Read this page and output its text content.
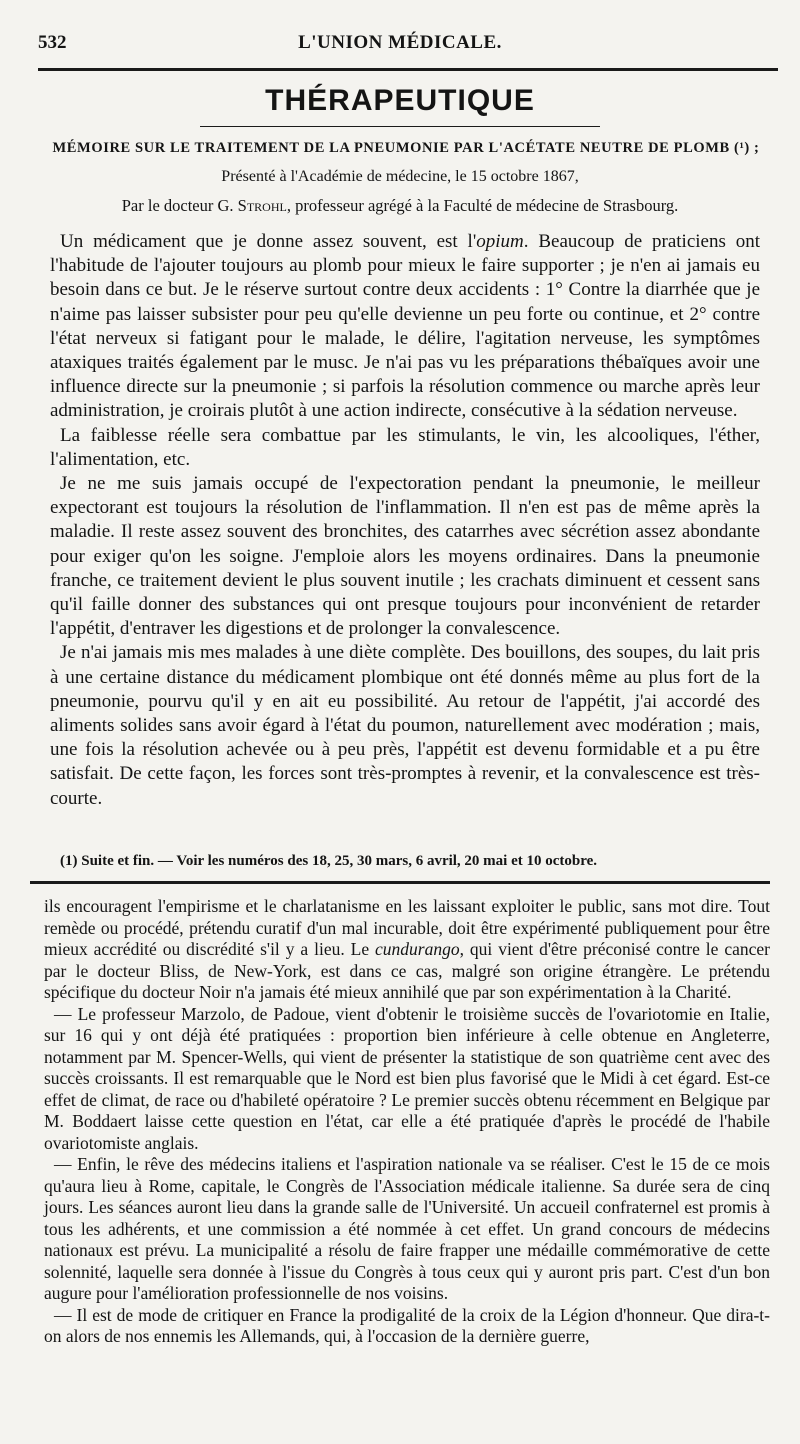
532	L'UNION MÉDICALE.
THÉRAPEUTIQUE
MÉMOIRE SUR LE TRAITEMENT DE LA PNEUMONIE PAR L'ACÉTATE NEUTRE DE PLOMB (¹) ;
Présenté à l'Académie de médecine, le 15 octobre 1867,
Par le docteur G. Strohl, professeur agrégé à la Faculté de médecine de Strasbourg.

Un médicament que je donne assez souvent, est l'opium. Beaucoup de praticiens ont l'habitude de l'ajouter toujours au plomb pour mieux le faire supporter ; je n'en ai jamais eu besoin dans ce but. Je le réserve surtout contre deux accidents : 1° Contre la diarrhée que je n'aime pas laisser subsister pour peu qu'elle devienne un peu forte ou continue, et 2° contre l'état nerveux si fatigant pour le malade, le délire, l'agitation nerveuse, les symptômes ataxiques traités également par le musc. Je n'ai pas vu les préparations thébaïques avoir une influence directe sur la pneumonie ; si parfois la résolution commence ou marche après leur administration, je croirais plutôt à une action indirecte, consécutive à la sédation nerveuse.

La faiblesse réelle sera combattue par les stimulants, le vin, les alcooliques, l'éther, l'alimentation, etc.

Je ne me suis jamais occupé de l'expectoration pendant la pneumonie, le meilleur expectorant est toujours la résolution de l'inflammation. Il n'en est pas de même après la maladie. Il reste assez souvent des bronchites, des catarrhes avec sécrétion assez abondante pour exiger qu'on les soigne. J'emploie alors les moyens ordinaires. Dans la pneumonie franche, ce traitement devient le plus souvent inutile ; les crachats diminuent et cessent sans qu'il faille donner des substances qui ont presque toujours pour inconvénient de retarder l'appétit, d'entraver les digestions et de prolonger la convalescence.

Je n'ai jamais mis mes malades à une diète complète. Des bouillons, des soupes, du lait pris à une certaine distance du médicament plombique ont été donnés même au plus fort de la pneumonie, pourvu qu'il y en ait eu possibilité. Au retour de l'appétit, j'ai accordé des aliments solides sans avoir égard à l'état du poumon, naturellement avec modération ; mais, une fois la résolution achevée ou à peu près, l'appétit est devenu formidable et a pu être satisfait. De cette façon, les forces sont très-promptes à revenir, et la convalescence est très-courte.

(1) Suite et fin. — Voir les numéros des 18, 25, 30 mars, 6 avril, 20 mai et 10 octobre.

ils encouragent l'empirisme et le charlatanisme en les laissant exploiter le public, sans mot dire. Tout remède ou procédé, prétendu curatif d'un mal incurable, doit être expérimenté publiquement pour être mieux accrédité ou discrédité s'il y a lieu. Le cundurango, qui vient d'être préconisé contre le cancer par le docteur Bliss, de New-York, est dans ce cas, malgré son origine étrangère. Le prétendu spécifique du docteur Noir n'a jamais été mieux annihilé que par son expérimentation à la Charité.

— Le professeur Marzolo, de Padoue, vient d'obtenir le troisième succès de l'ovariotomie en Italie, sur 16 qui y ont déjà été pratiquées : proportion bien inférieure à celle obtenue en Angleterre, notamment par M. Spencer-Wells, qui vient de présenter la statistique de son quatrième cent avec des succès croissants. Il est remarquable que le Nord est bien plus favorisé que le Midi à cet égard. Est-ce effet de climat, de race ou d'habileté opératoire ? Le premier succès obtenu récemment en Belgique par M. Boddaert laisse cette question en l'état, car elle a été pratiquée d'après le procédé de l'habile ovariotomiste anglais.

— Enfin, le rêve des médecins italiens et l'aspiration nationale va se réaliser. C'est le 15 de ce mois qu'aura lieu à Rome, capitale, le Congrès de l'Association médicale italienne. Sa durée sera de cinq jours. Les séances auront lieu dans la grande salle de l'Université. Un accueil confraternel est promis à tous les adhérents, et une commission a été nommée à cet effet. Un grand concours de médecins nationaux est prévu. La municipalité a résolu de faire frapper une médaille commémorative de cette solennité, laquelle sera donnée à l'issue du Congrès à tous ceux qui y auront pris part. C'est d'un bon augure pour l'amélioration professionnelle de nos voisins.

— Il est de mode de critiquer en France la prodigalité de la croix de la Légion d'honneur. Que dira-t-on alors de nos ennemis les Allemands, qui, à l'occasion de la dernière guerre,
